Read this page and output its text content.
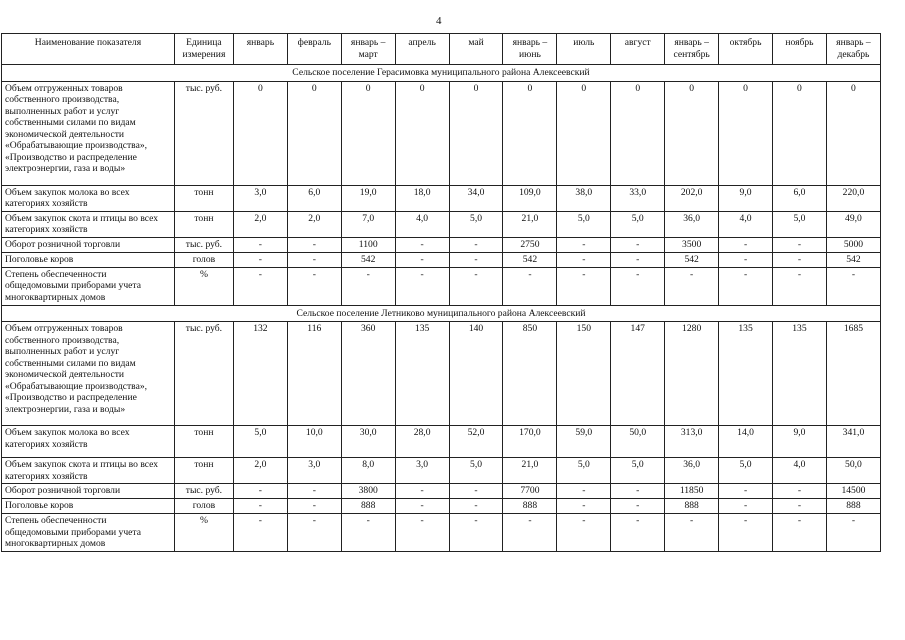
4
Наименование показателя	Единица измерения	январь	февраль	январь – март	апрель	май	январь – июнь	июль	август	январь – сентябрь	октябрь	ноябрь	январь – декабрь
Сельское поселение Герасимовка муниципального района Алексеевский													
Объем отгруженных товаров собственного производства, выполненных работ и услуг собственными силами по видам экономической деятельности «Обрабатывающие производства», «Производство и распределение электроэнергии, газа и воды»	тыс. руб.	0	0	0	0	0	0	0	0	0	0	0	0
Объем закупок молока во всех категориях хозяйств	тонн	3,0	6,0	19,0	18,0	34,0	109,0	38,0	33,0	202,0	9,0	6,0	220,0
Объем закупок скота и птицы во всех категориях хозяйств	тонн	2,0	2,0	7,0	4,0	5,0	21,0	5,0	5,0	36,0	4,0	5,0	49,0
Оборот розничной торговли	тыс. руб.	-	-	1100	-	-	2750	-	-	3500	-	-	5000
Поголовье коров	голов	-	-	542	-	-	542	-	-	542	-	-	542
Степень обеспеченности общедомовыми приборами учета многоквартирных домов	%	-	-	-	-	-	-	-	-	-	-	-	-
Сельское поселение Летниково муниципального района Алексеевский													
Объем отгруженных товаров собственного производства, выполненных работ и услуг собственными силами по видам экономической деятельности «Обрабатывающие производства», «Производство и распределение электроэнергии, газа и воды»	тыс. руб.	132	116	360	135	140	850	150	147	1280	135	135	1685
Объем закупок молока во всех категориях хозяйств	тонн	5,0	10,0	30,0	28,0	52,0	170,0	59,0	50,0	313,0	14,0	9,0	341,0
Объем закупок скота и птицы во всех категориях хозяйств	тонн	2,0	3,0	8,0	3,0	5,0	21,0	5,0	5,0	36,0	5,0	4,0	50,0
Оборот розничной торговли	тыс. руб.	-	-	3800	-	-	7700	-	-	11850	-	-	14500
Поголовье коров	голов	-	-	888	-	-	888	-	-	888	-	-	888
Степень обеспеченности общедомовыми приборами учета многоквартирных домов	%	-	-	-	-	-	-	-	-	-	-	-	-
